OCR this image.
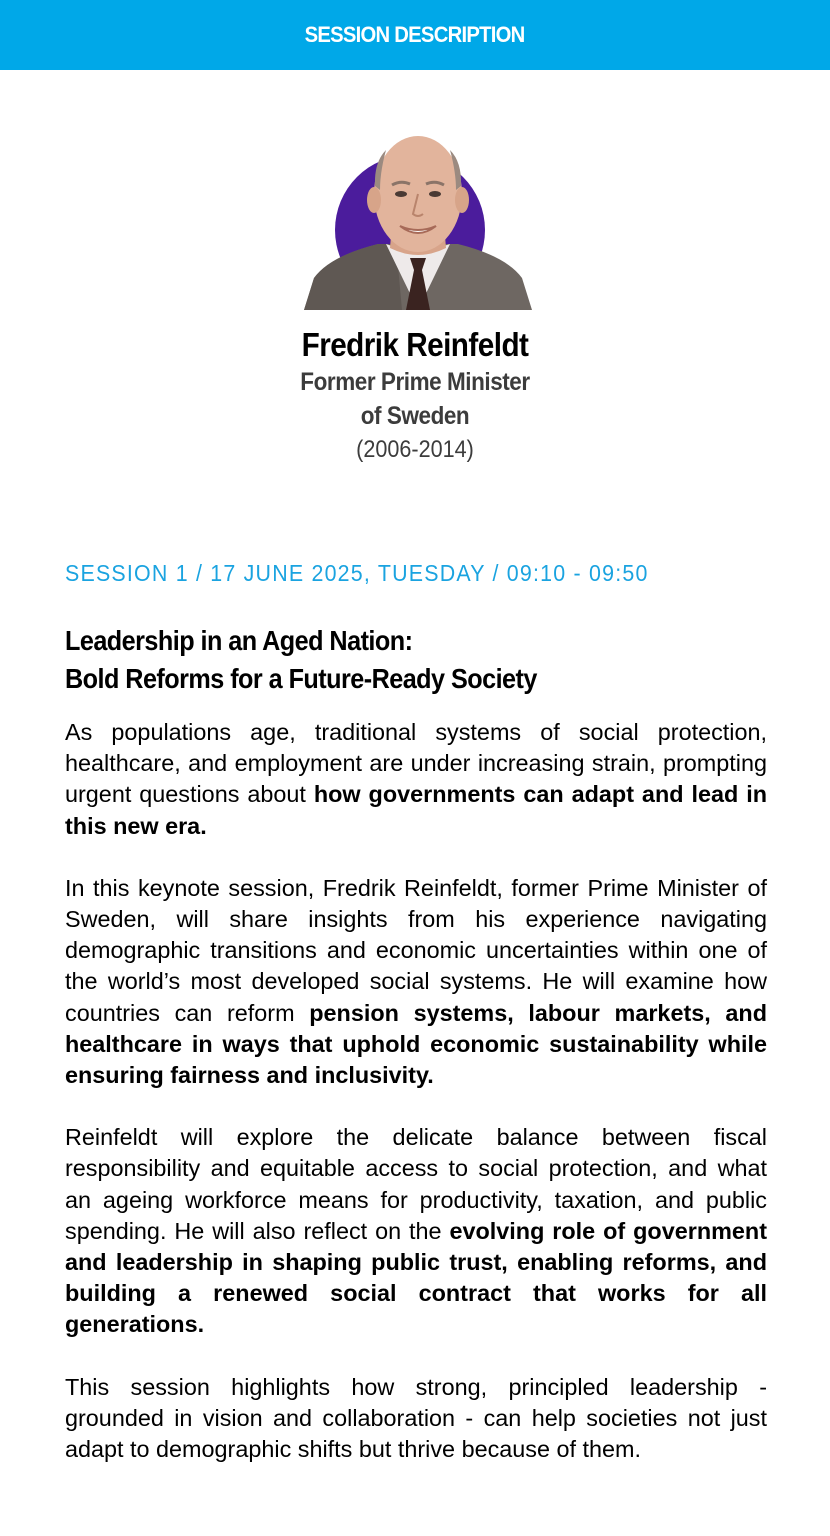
SESSION DESCRIPTION
Fredrik Reinfeldt
Former Prime Minister
of Sweden
(2006-2014)
SESSION 1 / 17 JUNE 2025, TUESDAY / 09:10 - 09:50
Leadership in an Aged Nation:
Bold Reforms for a Future-Ready Society

As populations age, traditional systems of social protection, healthcare, and employment are under increasing strain, prompting urgent questions about how governments can adapt and lead in this new era.

In this keynote session, Fredrik Reinfeldt, former Prime Minister of Sweden, will share insights from his experience navigating demographic transitions and economic uncertainties within one of the world’s most developed social systems. He will examine how countries can reform pension systems, labour markets, and healthcare in ways that uphold economic sustainability while ensuring fairness and inclusivity.

Reinfeldt will explore the delicate balance between fiscal responsibility and equitable access to social protection, and what an ageing workforce means for productivity, taxation, and public spending. He will also reflect on the evolving role of government and leadership in shaping public trust, enabling reforms, and building a renewed social contract that works for all generations.

This session highlights how strong, principled leadership - grounded in vision and collaboration - can help societies not just adapt to demographic shifts but thrive because of them.
